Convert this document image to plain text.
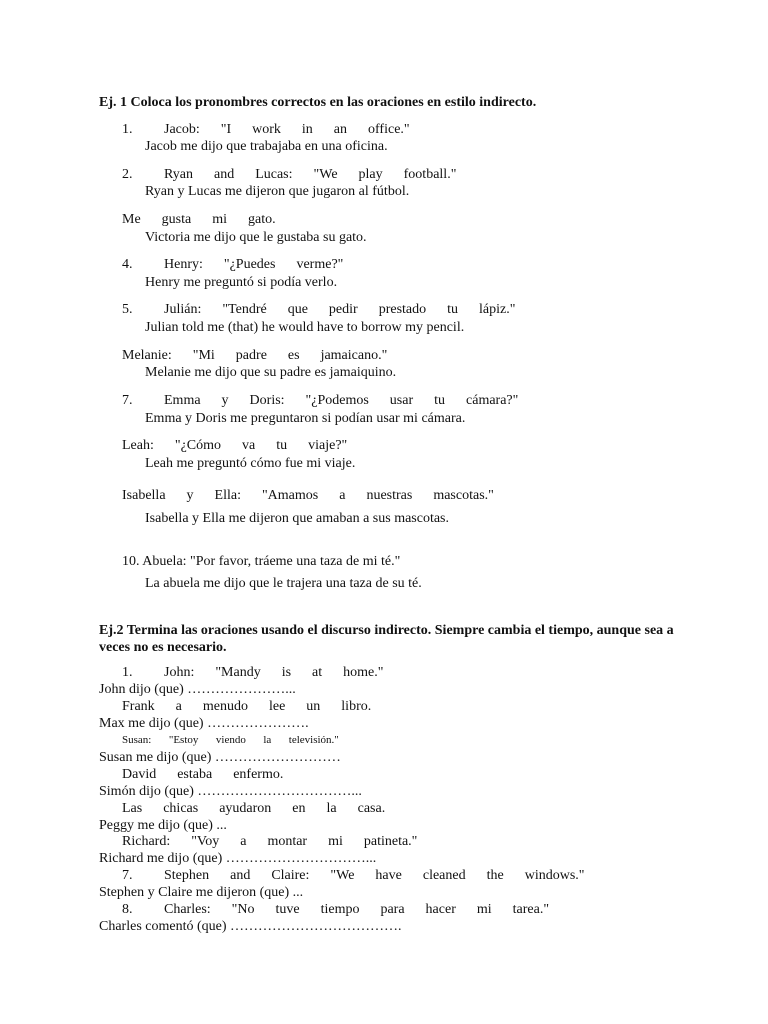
Ej. 1 Coloca los pronombres correctos en las oraciones en estilo indirecto.
1.   Jacob:  "I  work  in  an  office."
Jacob me dijo que trabajaba en una oficina.
2.   Ryan  and  Lucas:  "We  play  football."
Ryan y Lucas me dijeron que jugaron al fútbol.
Me  gusta  mi  gato.
Victoria me dijo que le gustaba su gato.
4.   Henry:  "¿Puedes  verme?"
Henry me preguntó si podía verlo.
5.   Julián:  "Tendré  que  pedir  prestado  tu  lápiz."
Julian told me (that) he would have to borrow my pencil.
Melanie:  "Mi  padre  es  jamaicano."
Melanie me dijo que su padre es jamaiquino.
7.   Emma  y  Doris:  "¿Podemos  usar  tu  cámara?"
Emma y Doris me preguntaron si podían usar mi cámara.
Leah:  "¿Cómo  va  tu  viaje?"
Leah me preguntó cómo fue mi viaje.
Isabella  y  Ella:  "Amamos  a  nuestras  mascotas."
Isabella y Ella me dijeron que amaban a sus mascotas.
10. Abuela: "Por favor, tráeme una taza de mi té."
La abuela me dijo que le trajera una taza de su té.
Ej.2 Termina las oraciones usando el discurso indirecto. Siempre cambia el tiempo, aunque sea a veces no es necesario.
1.   John:  "Mandy  is  at  home."
John dijo (que) …………………...
Frank  a  menudo  lee  un  libro.
Max me dijo (que) ………………….
Susan:  "Estoy  viendo  la  televisión."
Susan me dijo (que) ………………………
David  estaba  enfermo.
Simón dijo (que) ……………………………...
Las  chicas  ayudaron  en  la  casa.
Peggy me dijo (que) ...
Richard:  "Voy  a  montar  mi  patineta."
Richard me dijo (que) …………………………...
7.   Stephen  and  Claire:  "We  have  cleaned  the  windows."
Stephen y Claire me dijeron (que) ...
8.   Charles:  "No  tuve  tiempo  para  hacer  mi  tarea."
Charles comentó (que) ……………………………….
